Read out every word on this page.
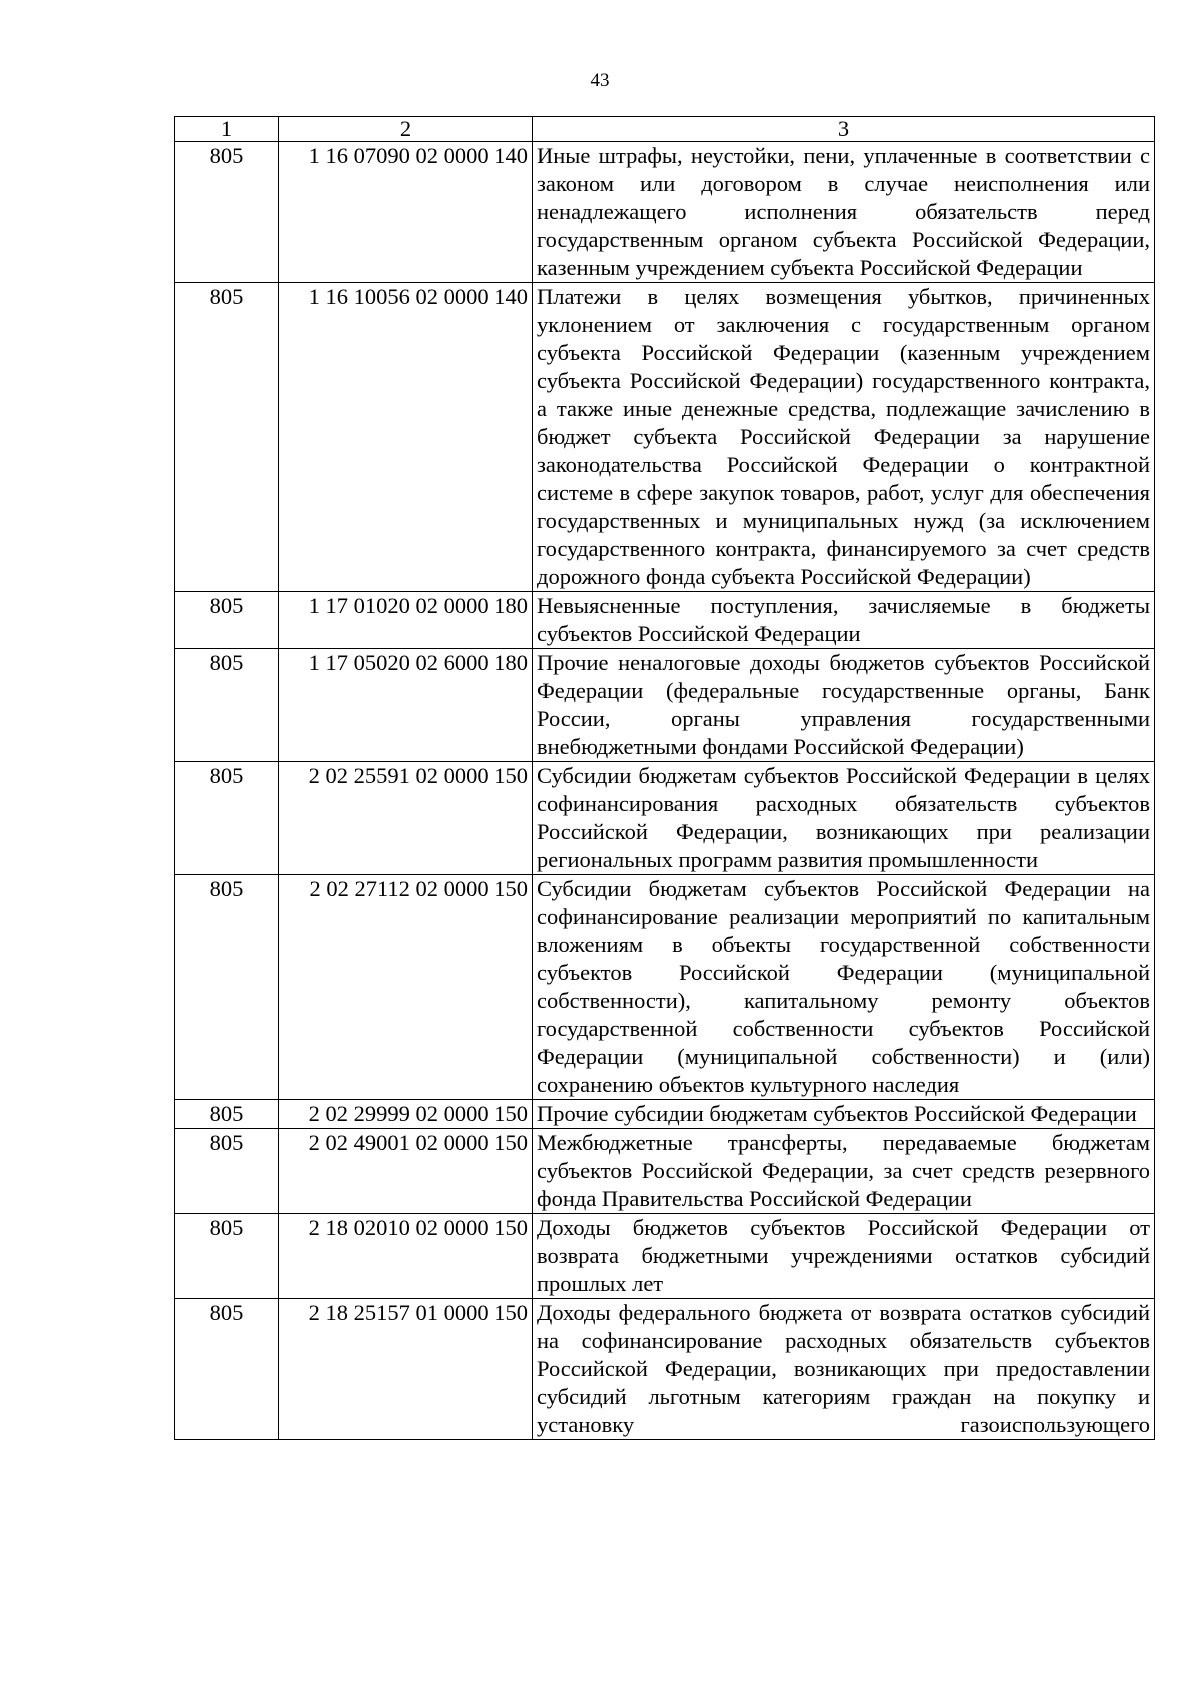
43
1	2	3
805	1 16 07090 02 0000 140	Иные штрафы, неустойки, пени, уплаченные в соответствии с законом или договором в случае неисполнения или ненадлежащего исполнения обязательств перед государственным органом субъекта Российской Федерации, казенным учреждением субъекта Российской Федерации
805	1 16 10056 02 0000 140	Платежи в целях возмещения убытков, причиненных уклонением от заключения с государственным органом субъекта Российской Федерации (казенным учреждением субъекта Российской Федерации) государственного контракта, а также иные денежные средства, подлежащие зачислению в бюджет субъекта Российской Федерации за нарушение законодательства Российской Федерации о контрактной системе в сфере закупок товаров, работ, услуг для обеспечения государственных и муниципальных нужд (за исключением государственного контракта, финансируемого за счет средств дорожного фонда субъекта Российской Федерации)
805	1 17 01020 02 0000 180	Невыясненные поступления, зачисляемые в бюджеты субъектов Российской Федерации
805	1 17 05020 02 6000 180	Прочие неналоговые доходы бюджетов субъектов Российской Федерации (федеральные государственные органы, Банк России, органы управления государственными внебюджетными фондами Российской Федерации)
805	2 02 25591 02 0000 150	Субсидии бюджетам субъектов Российской Федерации в целях софинансирования расходных обязательств субъектов Российской Федерации, возникающих при реализации региональных программ развития промышленности
805	2 02 27112 02 0000 150	Субсидии бюджетам субъектов Российской Федерации на софинансирование реализации мероприятий по капитальным вложениям в объекты государственной собственности субъектов Российской Федерации (муниципальной собственности), капитальному ремонту объектов государственной собственности субъектов Российской Федерации (муниципальной собственности) и (или) сохранению объектов культурного наследия
805	2 02 29999 02 0000 150	Прочие субсидии бюджетам субъектов Российской Федерации
805	2 02 49001 02 0000 150	Межбюджетные трансферты, передаваемые бюджетам субъектов Российской Федерации, за счет средств резервного фонда Правительства Российской Федерации
805	2 18 02010 02 0000 150	Доходы бюджетов субъектов Российской Федерации от возврата бюджетными учреждениями остатков субсидий прошлых лет
805	2 18 25157 01 0000 150	Доходы федерального бюджета от возврата остатков субсидий на софинансирование расходных обязательств субъектов Российской Федерации, возникающих при предоставлении субсидий льготным категориям граждан на покупку и установку газоиспользующего
